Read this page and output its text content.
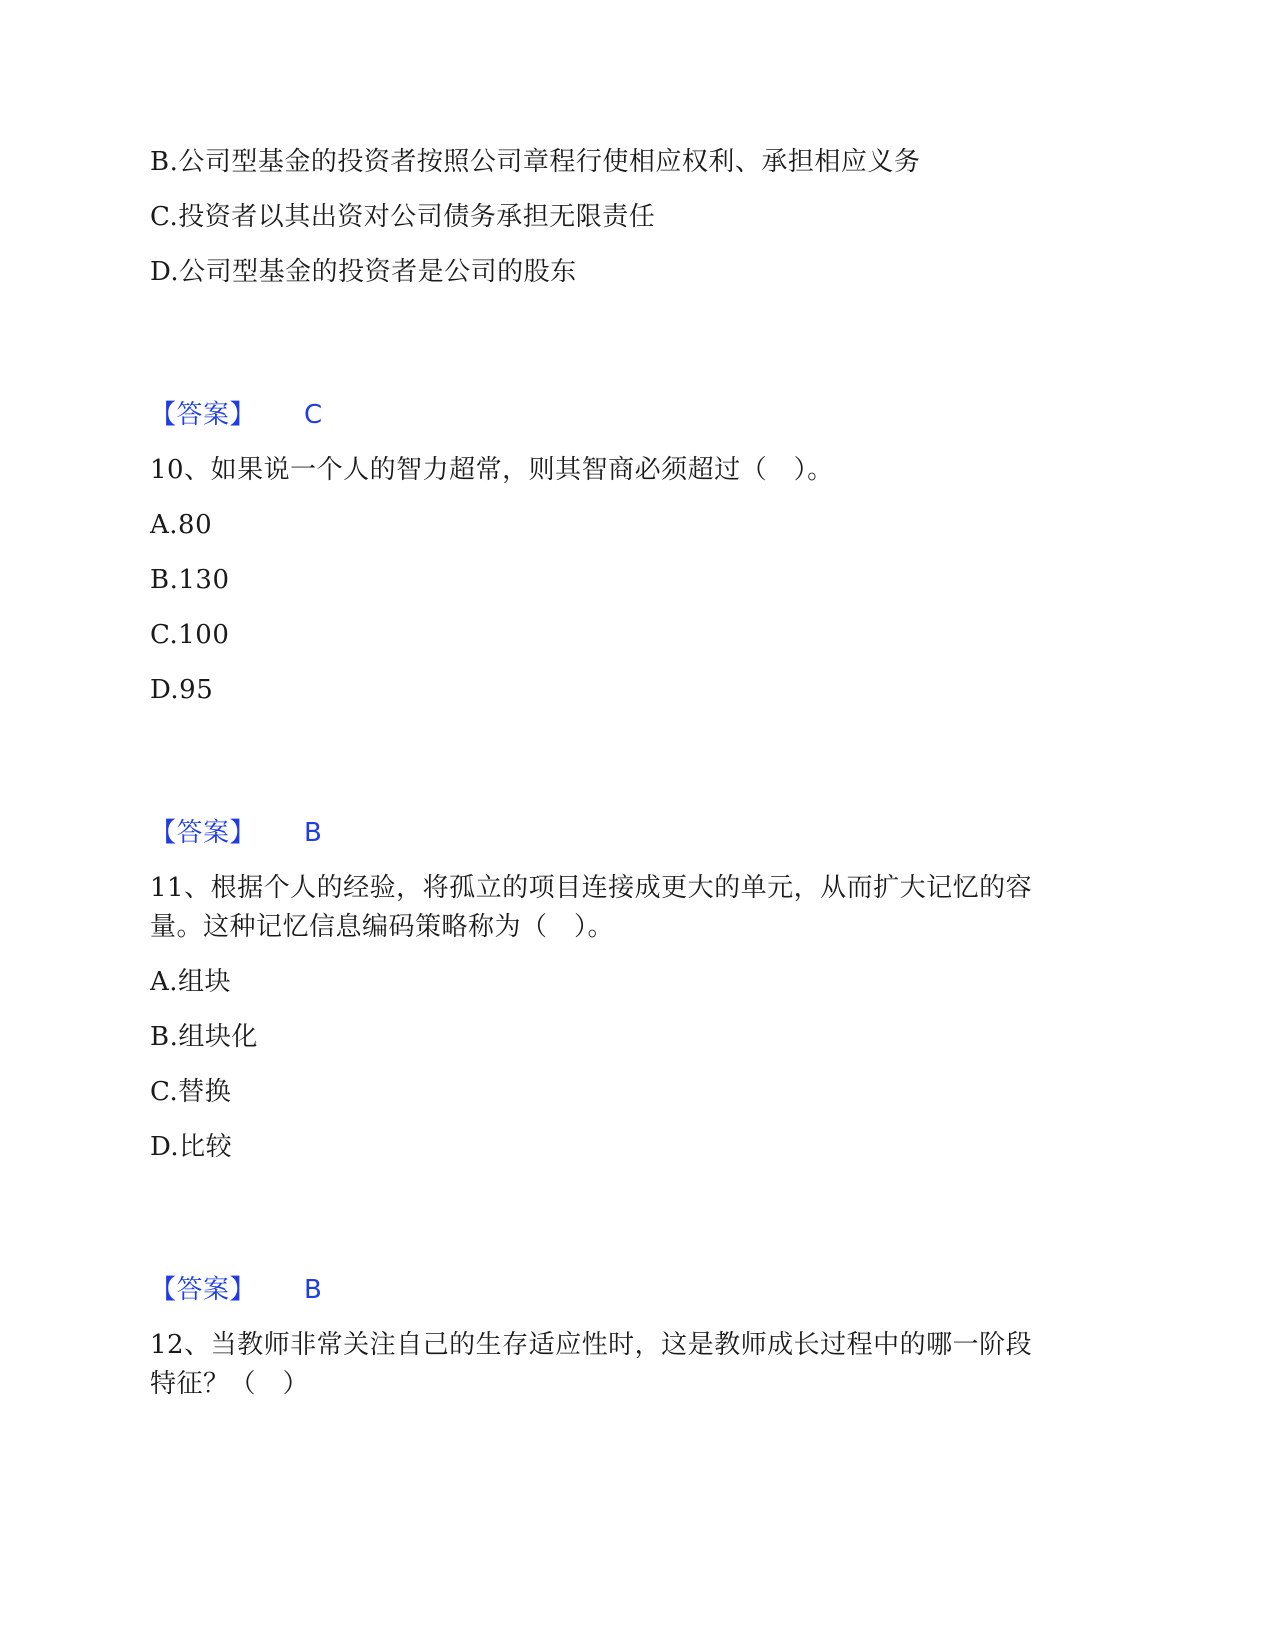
B.公司型基金的投资者按照公司章程行使相应权利、承担相应义务
C.投资者以其出资对公司债务承担无限责任
D.公司型基金的投资者是公司的股东
【答案】 C
10、如果说一个人的智力超常，则其智商必须超过（　）。
A.80
B.130
C.100
D.95
【答案】 B
11、根据个人的经验，将孤立的项目连接成更大的单元，从而扩大记忆的容
量。这种记忆信息编码策略称为（　）。
A.组块
B.组块化
C.替换
D.比较
【答案】 B
12、当教师非常关注自己的生存适应性时，这是教师成长过程中的哪一阶段
特征？（　）
